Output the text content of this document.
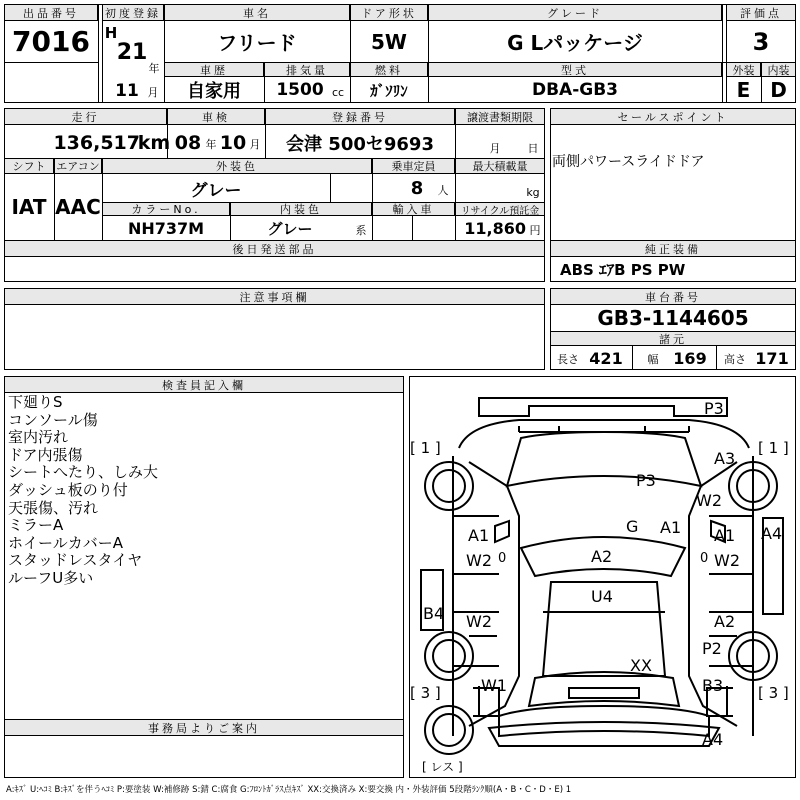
出品番号
7016
初度登録
H
21
年
11 月
車名
フリード
ドア形状
5W
グレード
G Lパッケージ
評価点
3
車歴
自家用
排気量
1500 cc
燃料
ｶﾞｿﾘﾝ
型式
DBA-GB3
外装	内装
E D
走行
136,517
km
車検
08 年 10 月
登録番号
会津 500セ9693
譲渡書類期限
月 日
シフト エアコン
IAT AAC
外装色
グレー
乗車定員
8	人
最大積載量
kg
カラーNo.
NH737M
内装色
グレー	系
輸入車	リサイクル預託金
11,860 円
後日発送部品
セールスポイント
両側パワースライドドア
純正装備
ABS ｴｱB PS PW
注意事項欄	車台番号
GB3-1144605
諸元
長さ 421	幅 169	高さ 171
検査員記入欄
下廻りS
コンソール傷
室内汚れ
ドア内張傷
シートへたり、しみ大
ダッシュ板のり付
天張傷、汚れ
ミラーA
ホイールカバーA
スタッドレスタイヤ
ルーフU多い
事務局よりご案内
[ 1 ]	[ 1 ]
[ 3 ]	[ 3 ]
[ レス ]
P3
A3
P3
W2
G A1
A1	A1 A4
W2 0	A2	0 W2
U4
B4 W2	A2
P2
XX
W1	B3
A4
A:ｷｽﾞ U:ﾍｺﾐ B:ｷｽﾞを伴うﾍｺﾐ P:要塗装 W:補修跡 S:錆 C:腐食 G:ﾌﾛﾝﾄｶﾞﾗｽ点ｷｽﾞ XX:交換済み X:要交換 内・外装評価 5段階ﾗﾝｸ順(A・B・C・D・E) 1
